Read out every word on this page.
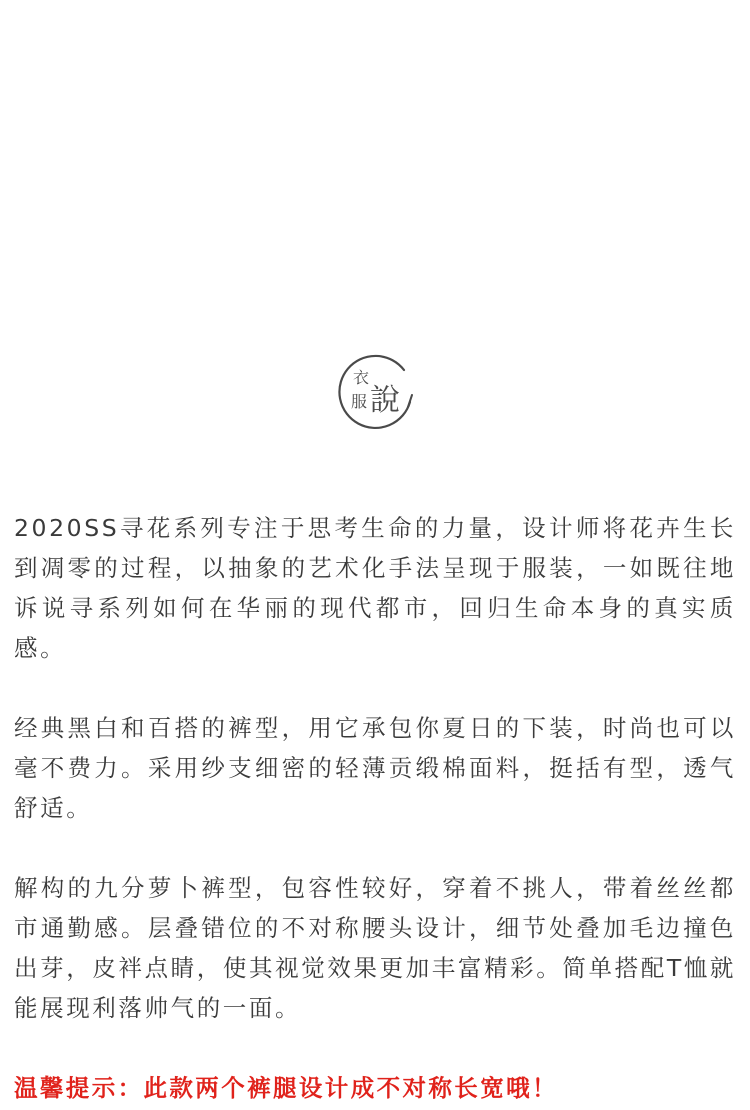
衣
服 說

2020SS寻花系列专注于思考生命的力量，设计师将花卉生长到凋零的过程，以抽象的艺术化手法呈现于服装，一如既往地诉说寻系列如何在华丽的现代都市，回归生命本身的真实质感。

经典黑白和百搭的裤型，用它承包你夏日的下装，时尚也可以毫不费力。采用纱支细密的轻薄贡缎棉面料，挺括有型，透气舒适。

解构的九分萝卜裤型，包容性较好，穿着不挑人，带着丝丝都市通勤感。层叠错位的不对称腰头设计，细节处叠加毛边撞色出芽，皮袢点睛，使其视觉效果更加丰富精彩。简单搭配T恤就能展现利落帅气的一面。

温馨提示：此款两个裤腿设计成不对称长宽哦！
